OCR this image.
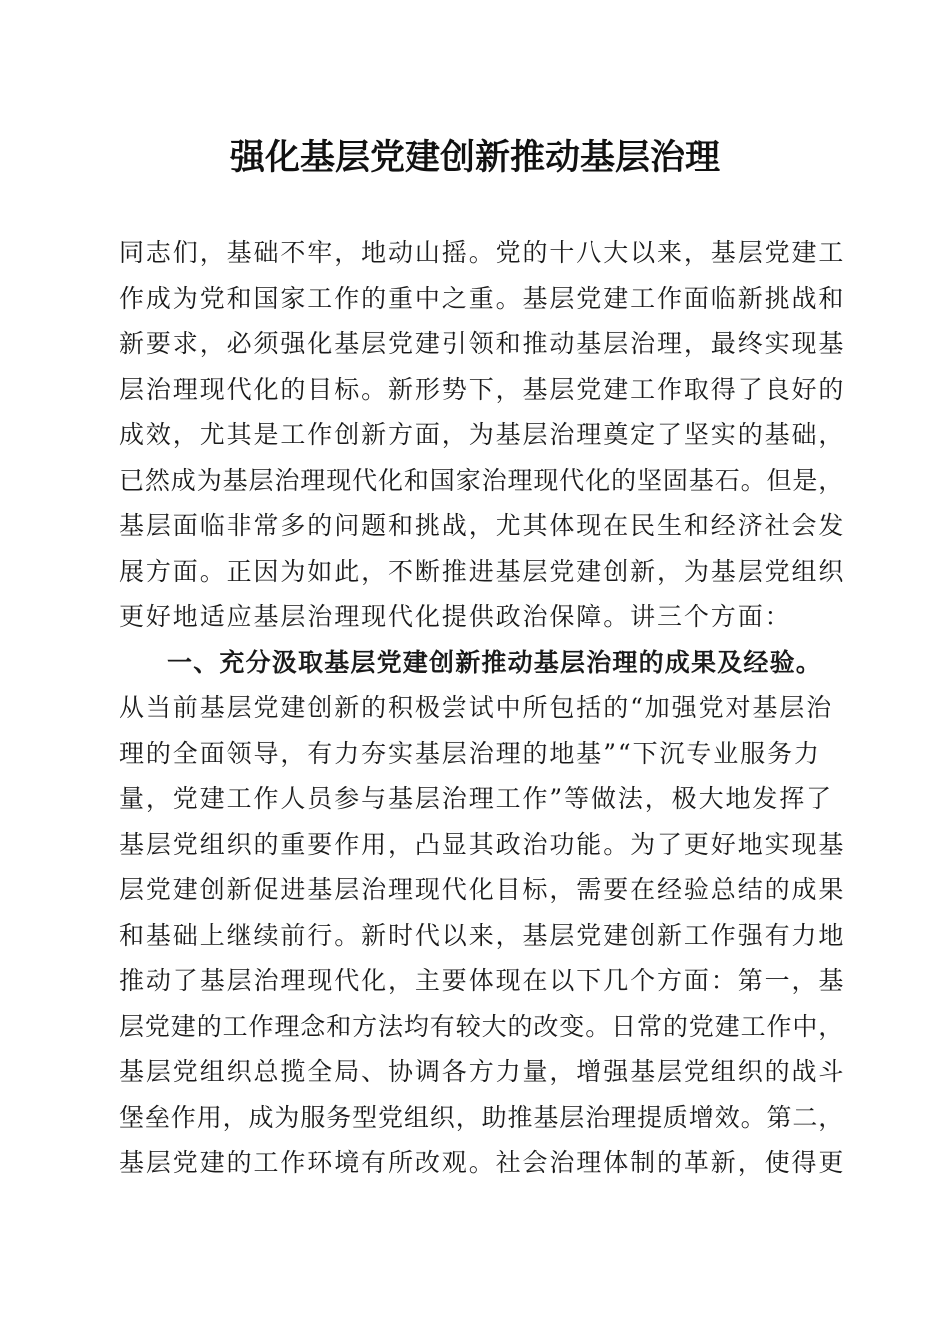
强化基层党建创新推动基层治理
同志们，基础不牢，地动山摇。党的十八大以来，基层党建工
作成为党和国家工作的重中之重。基层党建工作面临新挑战和
新要求，必须强化基层党建引领和推动基层治理，最终实现基
层治理现代化的目标。新形势下，基层党建工作取得了良好的
成效，尤其是工作创新方面，为基层治理奠定了坚实的基础，
已然成为基层治理现代化和国家治理现代化的坚固基石。但是，
基层面临非常多的问题和挑战，尤其体现在民生和经济社会发
展方面。正因为如此，不断推进基层党建创新，为基层党组织
更好地适应基层治理现代化提供政治保障。讲三个方面：
一、充分汲取基层党建创新推动基层治理的成果及经验。
从当前基层党建创新的积极尝试中所包括的“加强党对基层治
理的全面领导，有力夯实基层治理的地基”“下沉专业服务力
量，党建工作人员参与基层治理工作”等做法，极大地发挥了
基层党组织的重要作用，凸显其政治功能。为了更好地实现基
层党建创新促进基层治理现代化目标，需要在经验总结的成果
和基础上继续前行。新时代以来，基层党建创新工作强有力地
推动了基层治理现代化，主要体现在以下几个方面：第一，基
层党建的工作理念和方法均有较大的改变。日常的党建工作中，
基层党组织总揽全局、协调各方力量，增强基层党组织的战斗
堡垒作用，成为服务型党组织，助推基层治理提质增效。第二，
基层党建的工作环境有所改观。社会治理体制的革新，使得更
